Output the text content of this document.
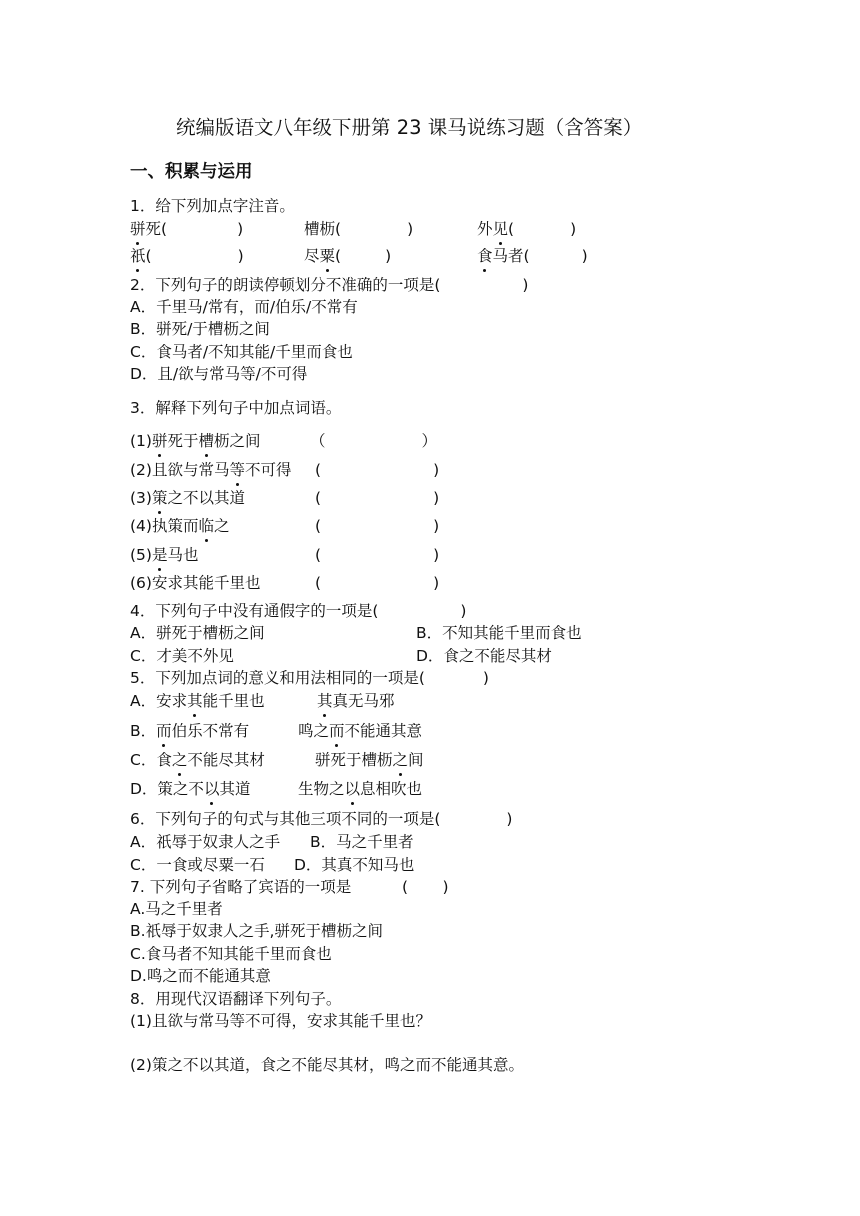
统编版语文八年级下册第 23 课马说练习题（含答案）
一、积累与运用
1．给下列加点字注音。
骈死(	)	槽枥(	)	外见(	)
祇(	)	尽粟(	)	食马者(	)
2．下列句子的朗读停顿划分不准确的一项是(	)
A．千里马/常有，而/伯乐/不常有
B．骈死/于槽枥之间
C．食马者/不知其能/千里而食也
D．且/欲与常马等/不可得
3．解释下列句子中加点词语。
(1)骈死于槽枥之间	（	）
(2)且欲与常马等不可得 (	)
(3)策之不以其道	(	)
(4)执策而临之	(	)
(5)是马也	(	)
(6)安求其能千里也	(	)
4．下列句子中没有通假字的一项是(	)
A．骈死于槽枥之间	B．不知其能千里而食也
C．才美不外见	D．食之不能尽其材
5．下列加点词的意义和用法相同的一项是(	)
A．安求其能千里也	其真无马邪
B．而伯乐不常有	鸣之而不能通其意
C．食之不能尽其材	骈死于槽枥之间
D．策之不以其道	生物之以息相吹也
6．下列句子的句式与其他三项不同的一项是(	)
A．祇辱于奴隶人之手 B．马之千里者
C．一食或尽粟一石 D．其真不知马也
7. 下列句子省略了宾语的一项是	(       )
A.马之千里者
B.祇辱于奴隶人之手,骈死于槽枥之间
C.食马者不知其能千里而食也
D.鸣之而不能通其意
8．用现代汉语翻译下列句子。
(1)且欲与常马等不可得，安求其能千里也？
(2)策之不以其道，食之不能尽其材，鸣之而不能通其意。
